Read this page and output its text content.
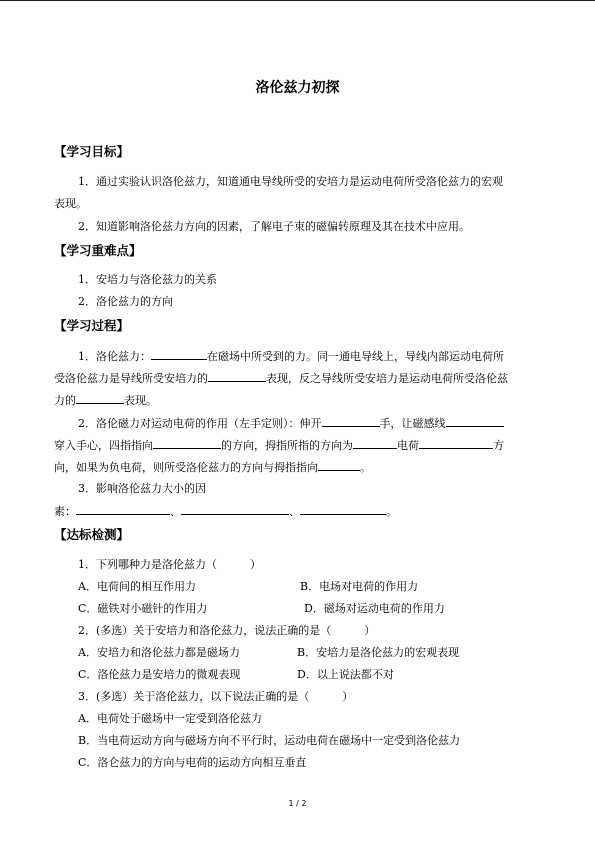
洛伦兹力初探
【学习目标】
1．通过实验认识洛伦兹力，知道通电导线所受的安培力是运动电荷所受洛伦兹力的宏观
表现。
2．知道影响洛伦兹力方向的因素，了解电子束的磁偏转原理及其在技术中应用。
【学习重难点】
1．安培力与洛伦兹力的关系
2．洛伦兹力的方向
【学习过程】
1．洛伦兹力：	在磁场中所受到的力。同一通电导线上，导线内部运动电荷所
受洛伦兹力是导线所受安培力的	表现，反之导线所受安培力是运动电荷所受洛伦兹
力的	表现。
2．洛伦磁力对运动电荷的作用（左手定则）：伸开	手，让磁感线
穿入手心，四指指向	的方向，拇指所指的方向为	电荷	方
向，如果为负电荷，则所受洛伦兹力的方向与拇指指向	。
3．影响洛伦兹力大小的因
素：	、	、	。
【达标检测】
1．下列哪种力是洛伦兹力（　　　）
A．电荷间的相互作用力	B．电场对电荷的作用力
C．磁铁对小磁针的作用力	D．磁场对运动电荷的作用力
2．(多选）关于安培力和洛伦兹力，说法正确的是（　　　）
A．安培力和洛伦兹力都是磁场力	B．安培力是洛伦兹力的宏观表现
C．洛伦兹力是安培力的微观表现	D．以上说法都不对
3．(多选）关于洛伦兹力，以下说法正确的是（　　　）
A．电荷处于磁场中一定受到洛伦兹力
B．当电荷运动方向与磁场方向不平行时，运动电荷在磁场中一定受到洛伦兹力
C．洛仑兹力的方向与电荷的运动方向相互垂直
1 / 2
